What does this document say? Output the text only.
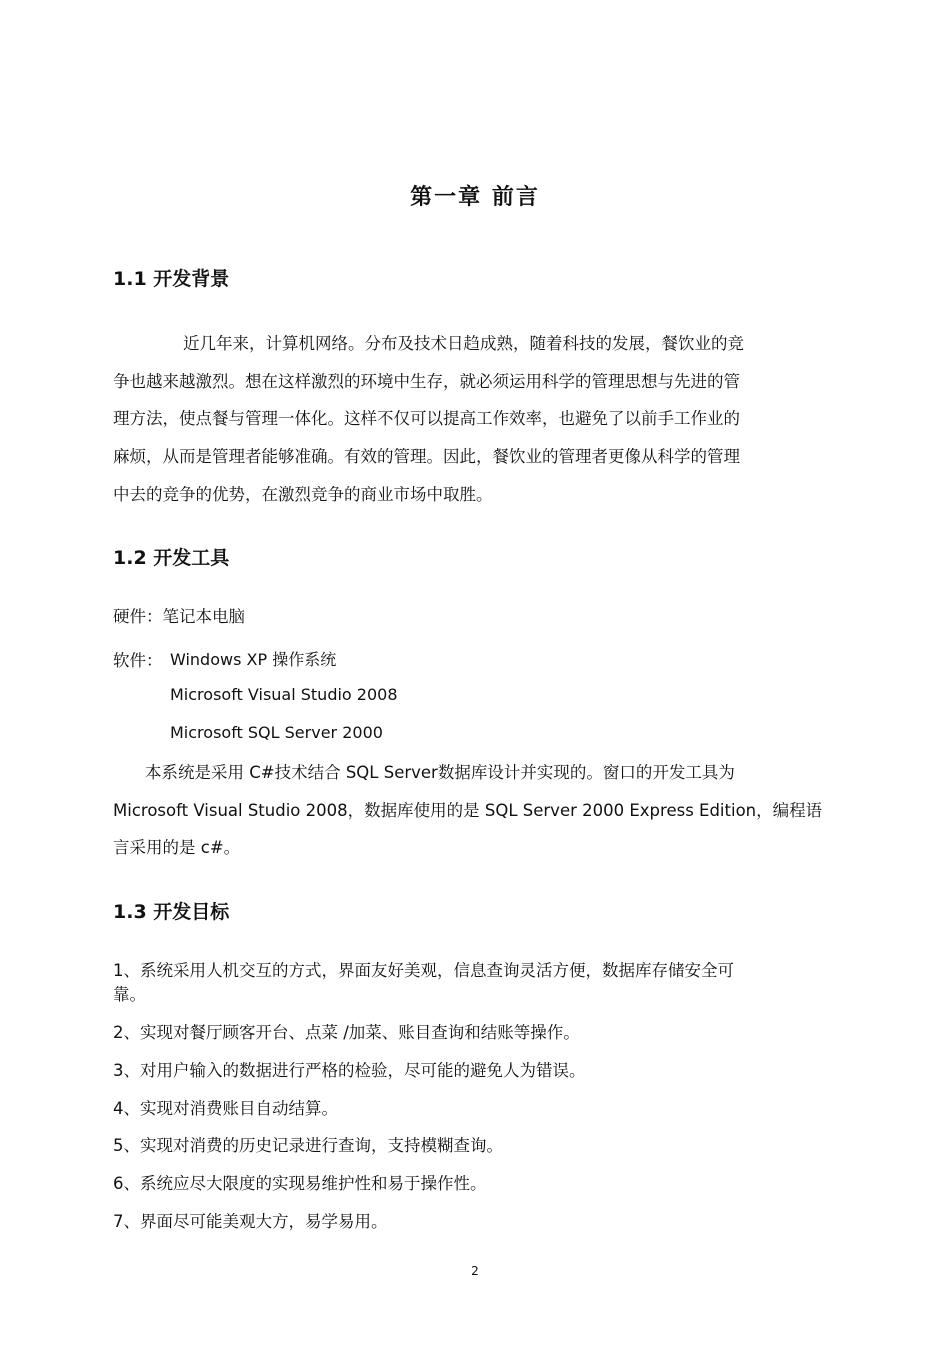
第一章 前言
1.1 开发背景

近几年来，计算机网络。分布及技术日趋成熟，随着科技的发展，餐饮业的竞

争也越来越激烈。想在这样激烈的环境中生存，就必须运用科学的管理思想与先进的管

理方法，使点餐与管理一体化。这样不仅可以提高工作效率，也避免了以前手工作业的

麻烦，从而是管理者能够准确。有效的管理。因此，餐饮业的管理者更像从科学的管理

中去的竞争的优势，在激烈竞争的商业市场中取胜。

1.2 开发工具

硬件：笔记本电脑

软件： Windows XP 操作系统

Microsoft Visual Studio 2008

Microsoft SQL Server 2000

本系统是采用 C#技术结合 SQL Server数据库设计并实现的。窗口的开发工具为

Microsoft Visual Studio 2008，数据库使用的是 SQL Server 2000 Express Edition，编程语

言采用的是 c#。

1.3 开发目标

1、系统采用人机交互的方式，界面友好美观，信息查询灵活方便，数据库存储安全可

靠。

2、实现对餐厅顾客开台、点菜 /加菜、账目查询和结账等操作。

3、对用户输入的数据进行严格的检验，尽可能的避免人为错误。

4、实现对消费账目自动结算。

5、实现对消费的历史记录进行查询，支持模糊查询。

6、系统应尽大限度的实现易维护性和易于操作性。

7、界面尽可能美观大方，易学易用。

2
